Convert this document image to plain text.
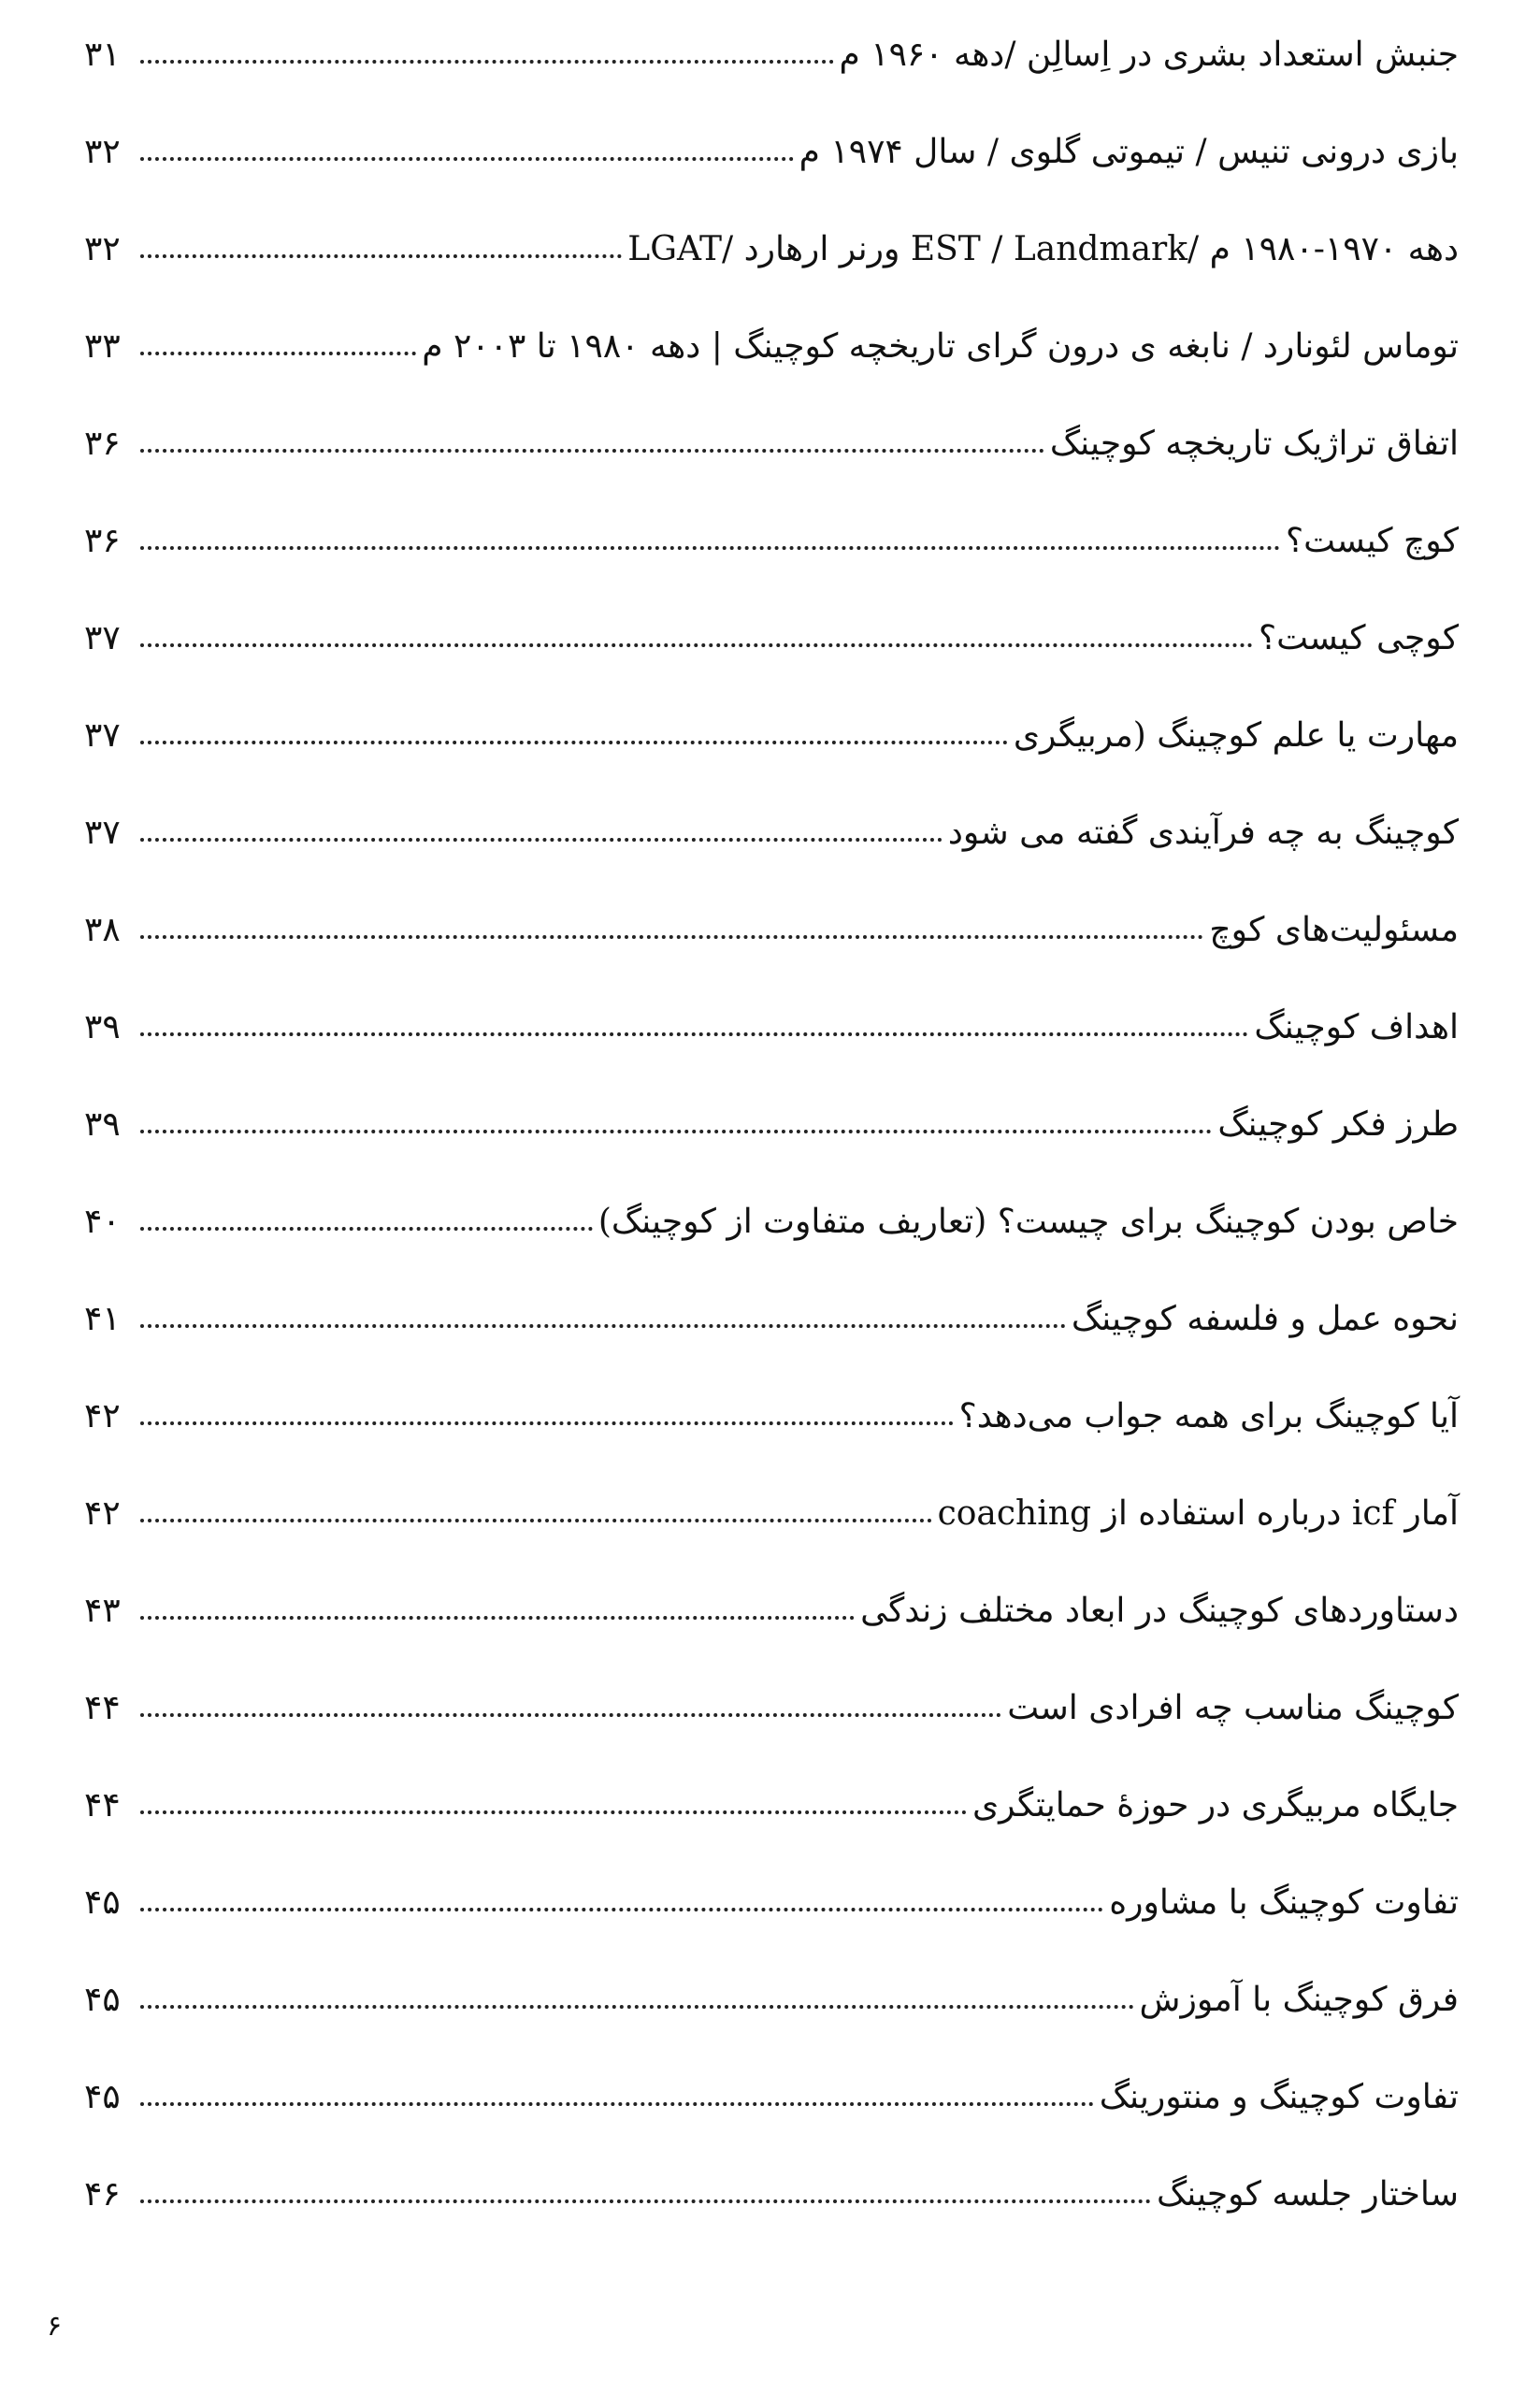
جنبش استعداد بشری در اِسالِن /دهه ۱۹۶۰ م
۳۱
بازی درونی تنیس / تیموتی گلوی / سال ۱۹۷۴ م
۳۲
LGAT/ ورنر ارهارد EST / Landmark/ دهه ۱۹۷۰-۱۹۸۰ م
۳۲
توماس لئونارد / نابغه ی درون گرای تاریخچه کوچینگ | دهه ۱۹۸۰ تا ۲۰۰۳ م
۳۳
اتفاق تراژیک تاریخچه کوچینگ
۳۶
کوچ کیست؟
۳۶
کوچی کیست؟
۳۷
مهارت یا علم کوچینگ (مربیگری
۳۷
کوچینگ به چه فرآیندی گفته می شود
۳۷
مسئولیت‌های کوچ
۳۸
اهداف کوچینگ
۳۹
طرز فکر کوچینگ
۳۹
خاص بودن کوچینگ برای چیست؟ (تعاریف متفاوت از کوچینگ)
۴۰
نحوه عمل و فلسفه کوچینگ
۴۱
آیا کوچینگ برای همه جواب می‌دهد؟
۴۲
آمار icf درباره استفاده از coaching
۴۲
دستاوردهای کوچینگ در ابعاد مختلف زندگی
۴۳
کوچینگ مناسب چه افرادی است
۴۴
جایگاه مربیگری در حوزۀ حمایتگری
۴۴
تفاوت کوچینگ با مشاوره
۴۵
فرق کوچینگ با آموزش
۴۵
تفاوت کوچینگ و منتورینگ
۴۵
ساختار جلسه کوچینگ
۴۶
۶
